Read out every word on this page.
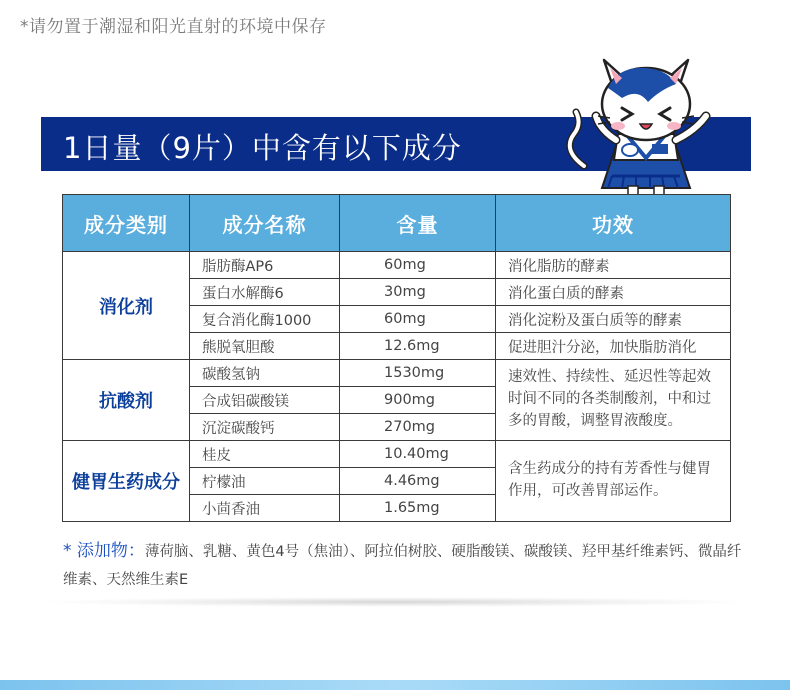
*请勿置于潮湿和阳光直射的环境中保存
1日量（9片）中含有以下成分
成分类别	成分名称	含量	功效
消化剂	脂肪酶AP6	60mg	消化脂肪的酵素
	蛋白水解酶6	30mg	消化蛋白质的酵素
	复合消化酶1000	60mg	消化淀粉及蛋白质等的酵素
	熊脱氧胆酸	12.6mg	促进胆汁分泌，加快脂肪消化
抗酸剂	碳酸氢钠	1530mg	速效性、持续性、延迟性等起效时间不同的各类制酸剂，中和过多的胃酸，调整胃液酸度。
	合成铝碳酸镁	900mg	
	沉淀碳酸钙	270mg	
健胃生药成分	桂皮	10.40mg	含生药成分的持有芳香性与健胃作用，可改善胃部运作。
	柠檬油	4.46mg	
	小茴香油	1.65mg	
* 添加物：薄荷脑、乳糖、黄色4号（焦油）、阿拉伯树胶、硬脂酸镁、碳酸镁、羟甲基纤维素钙、微晶纤维素、天然维生素E
